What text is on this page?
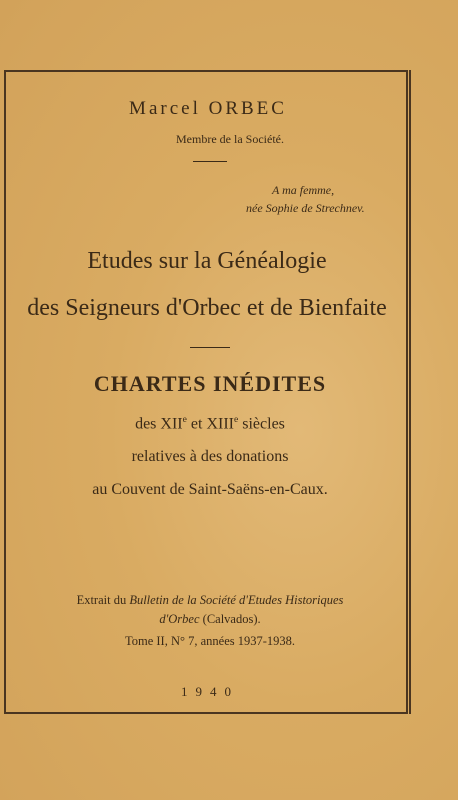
Marcel ORBEC
Membre de la Société.
A ma femme,
née Sophie de Strechnev.
Etudes sur la Généalogie
des Seigneurs d'Orbec et de Bienfaite
CHARTES INÉDITES
des XIIe et XIIIe siècles
relatives à des donations
au Couvent de Saint-Saëns-en-Caux.
Extrait du Bulletin de la Société d'Etudes Historiques
d'Orbec (Calvados).
Tome II, N° 7, années 1937-1938.
1940
